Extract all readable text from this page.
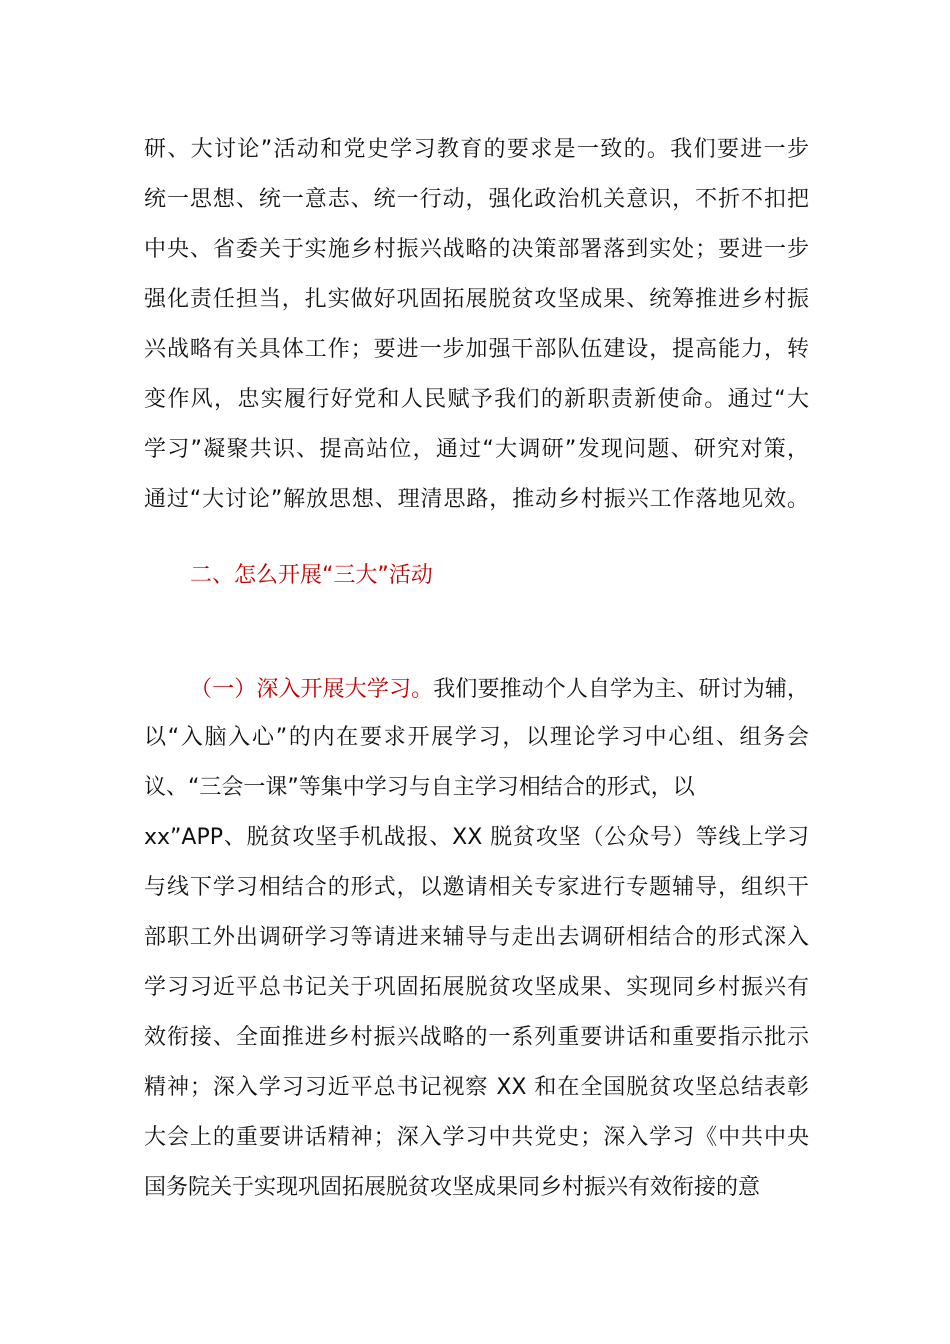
研、大讨论”活动和党史学习教育的要求是一致的。我们要进一步
统一思想、统一意志、统一行动，强化政治机关意识，不折不扣把
中央、省委关于实施乡村振兴战略的决策部署落到实处；要进一步
强化责任担当，扎实做好巩固拓展脱贫攻坚成果、统筹推进乡村振
兴战略有关具体工作；要进一步加强干部队伍建设，提高能力，转
变作风，忠实履行好党和人民赋予我们的新职责新使命。通过“大
学习”凝聚共识、提高站位，通过“大调研”发现问题、研究对策，
通过“大讨论”解放思想、理清思路，推动乡村振兴工作落地见效。
二、怎么开展“三大”活动
（一）深入开展大学习。我们要推动个人自学为主、研讨为辅，
以“入脑入心”的内在要求开展学习，以理论学习中心组、组务会
议、“三会一课”等集中学习与自主学习相结合的形式，以
xx”APP、脱贫攻坚手机战报、XX 脱贫攻坚（公众号）等线上学习
与线下学习相结合的形式，以邀请相关专家进行专题辅导，组织干
部职工外出调研学习等请进来辅导与走出去调研相结合的形式深入
学习习近平总书记关于巩固拓展脱贫攻坚成果、实现同乡村振兴有
效衔接、全面推进乡村振兴战略的一系列重要讲话和重要指示批示
精神；深入学习习近平总书记视察 XX 和在全国脱贫攻坚总结表彰
大会上的重要讲话精神；深入学习中共党史；深入学习《中共中央
国务院关于实现巩固拓展脱贫攻坚成果同乡村振兴有效衔接的意
